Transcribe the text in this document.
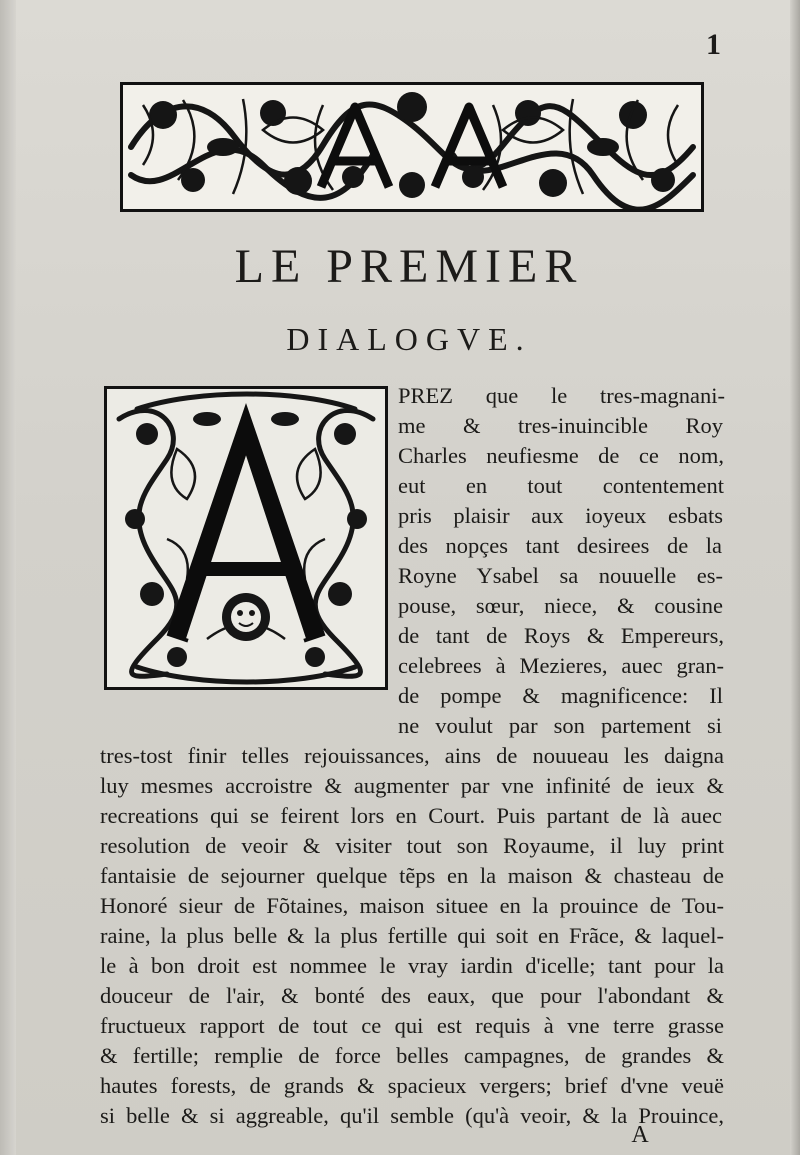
1
LE PREMIER
DIALOGVE.
PREZ que le tres-magnani-
me & tres-inuincible Roy
Charles neufiesme de ce nom,
eut en tout contentement
pris plaisir aux ioyeux esbats
des nopçes tant desirees de la
Royne Ysabel sa nouuelle es-
pouse, sœur, niece, & cousine
de tant de Roys & Empereurs,
celebrees à Mezieres, auec gran-
de pompe & magnificence: Il
ne voulut par son partement si
tres-tost finir telles rejouissances, ains de nouueau les daigna
luy mesmes accroistre & augmenter par vne infinité de ieux &
recreations qui se feirent lors en Court. Puis partant de là auec
resolution de veoir & visiter tout son Royaume, il luy print
fantaisie de sejourner quelque tẽps en la maison & chasteau de
Honoré sieur de Fõtaines, maison situee en la prouince de Tou-
raine, la plus belle & la plus fertille qui soit en Frãce, & laquel-
le à bon droit est nommee le vray iardin d'icelle; tant pour la
douceur de l'air, & bonté des eaux, que pour l'abondant &
fructueux rapport de tout ce qui est requis à vne terre grasse
& fertille; remplie de force belles campagnes, de grandes &
hautes forests, de grands & spacieux vergers; brief d'vne veuë
si belle & si aggreable, qu'il semble (qu'à veoir, & la Prouince,
A
